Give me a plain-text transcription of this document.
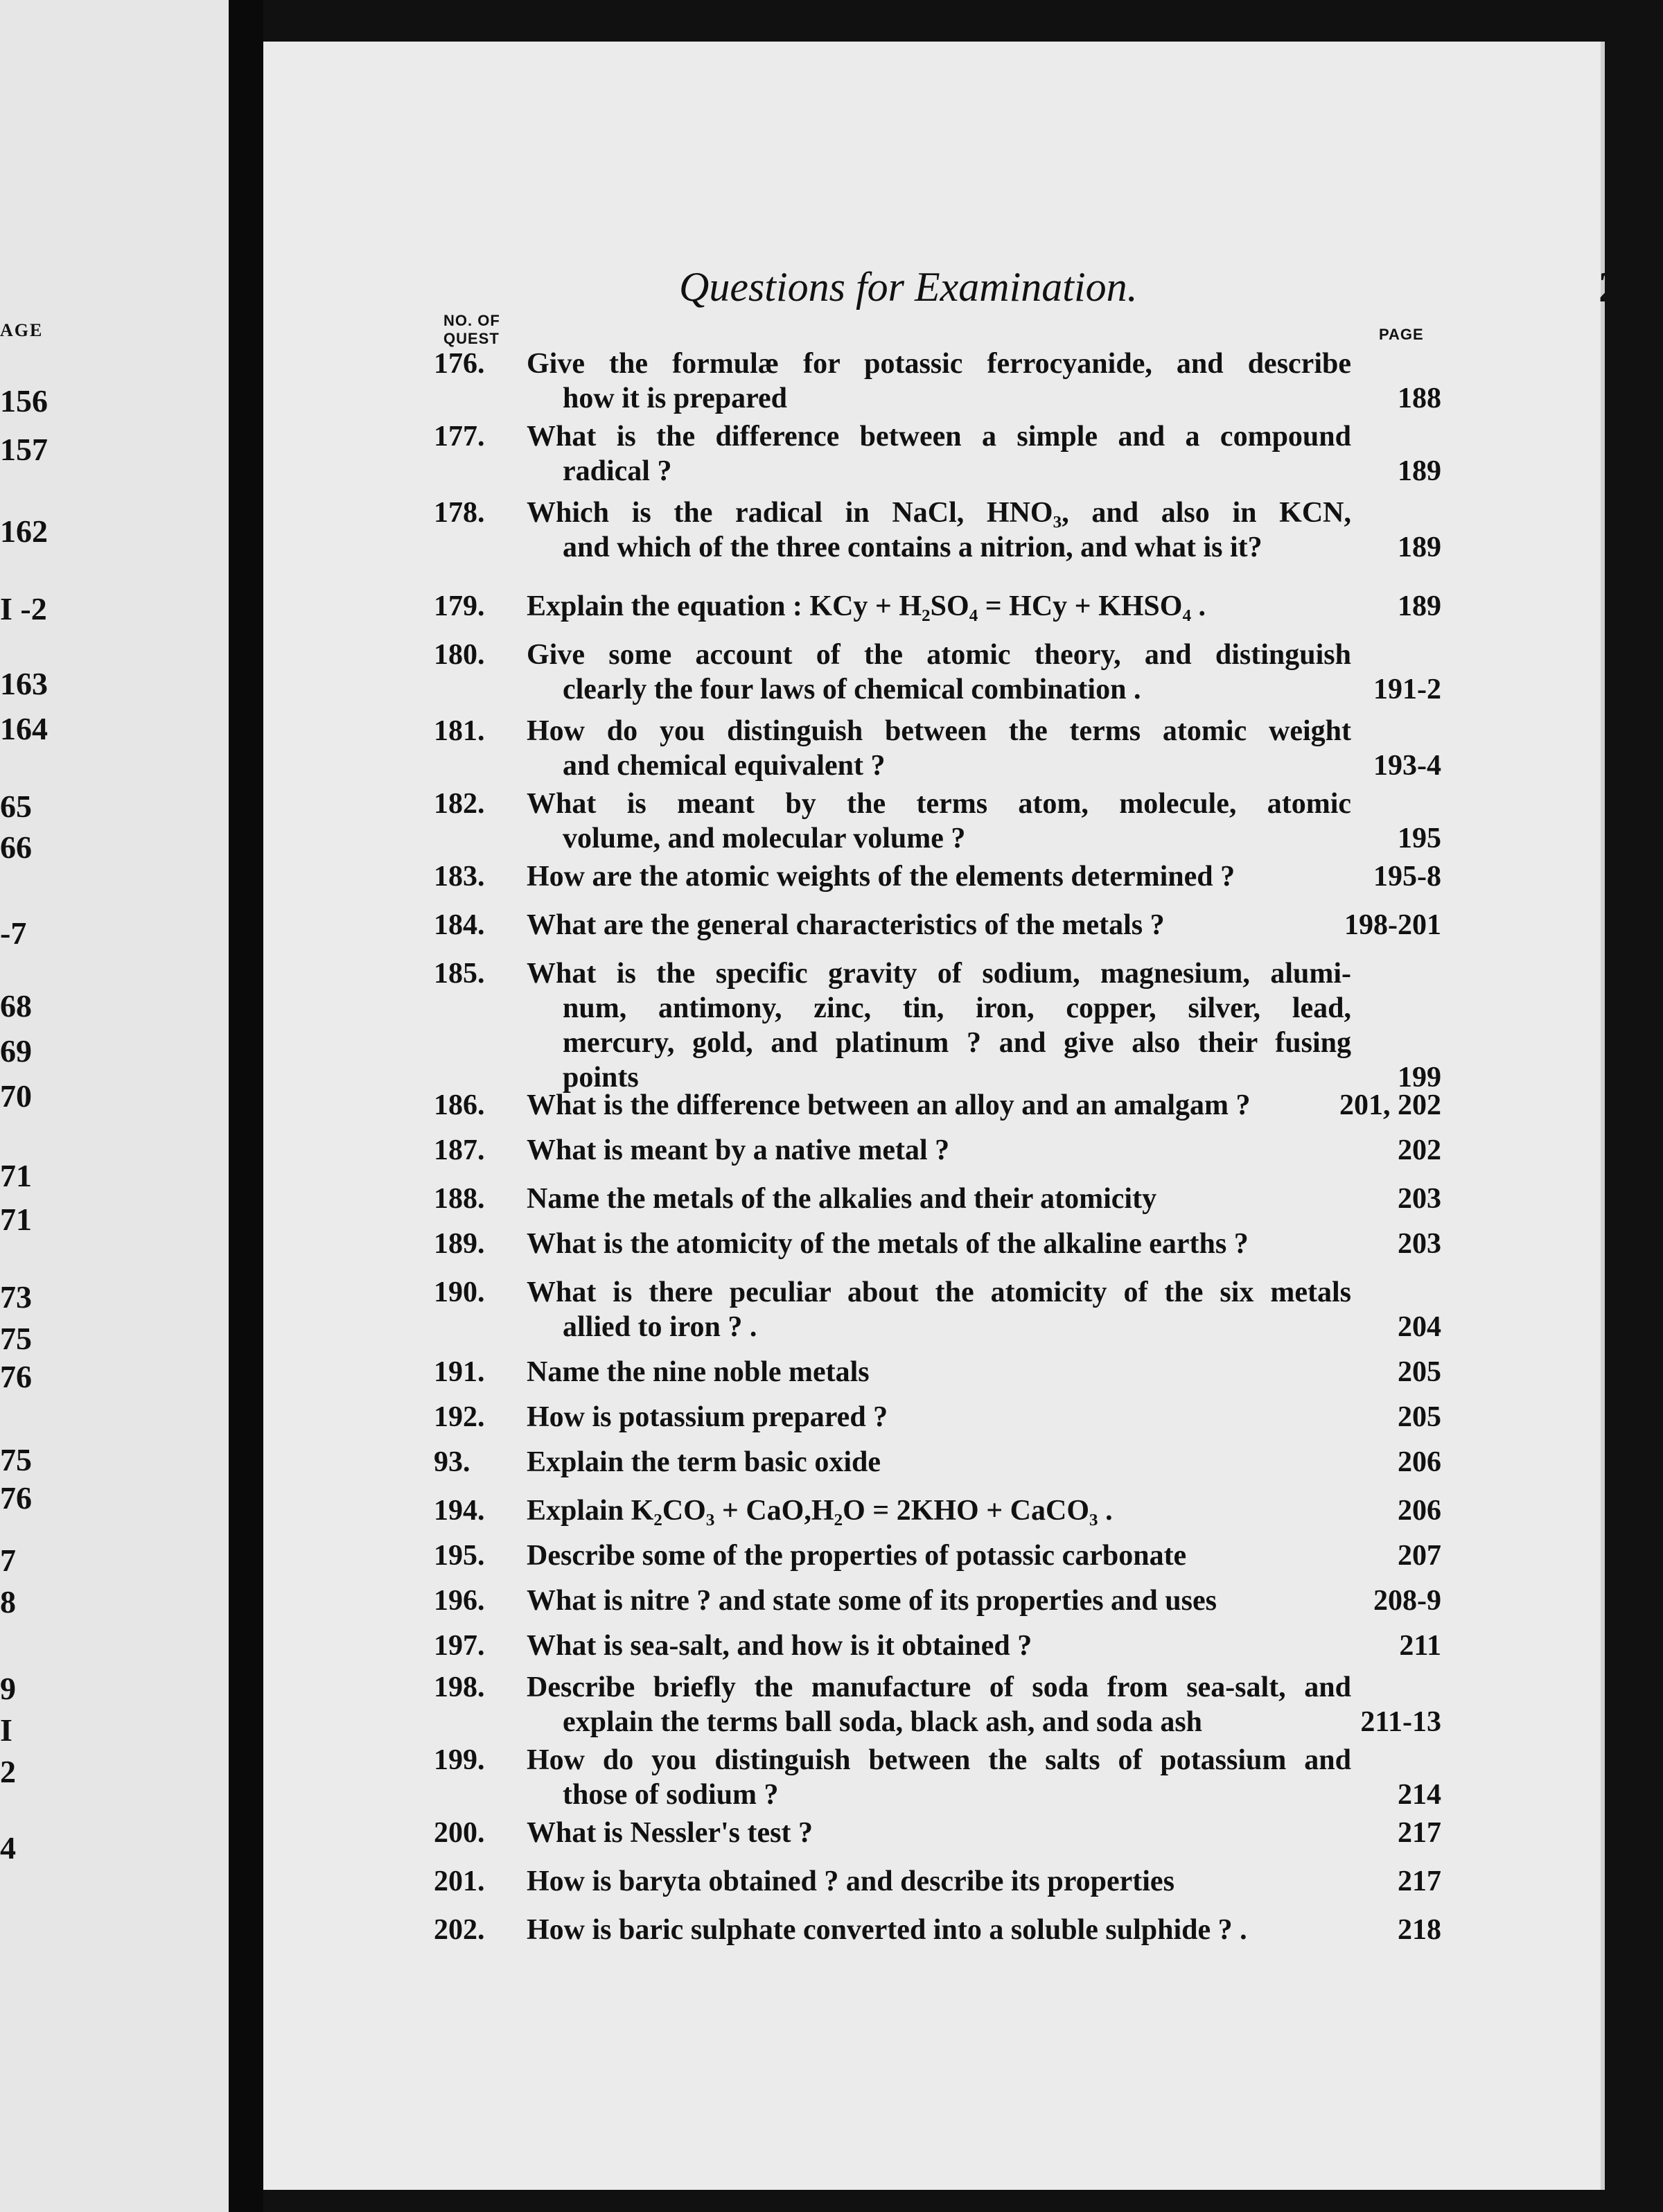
AGE
156
157
162
I -2
163
164
65
66
-7
68
69
70
71
71
73
75
76
75
76
7
8
9
I
2
4
Questions for Examination.	295
NO. OF QUEST	PAGE
176.	Give the formulæ for potassic ferrocyanide, and describe
how it is prepared	188
177.	What is the difference between a simple and a compound
radical ?	189
178.	Which is the radical in NaCl, HNO₃, and also in KCN,
and which of the three contains a nitrion, and what is it?	189
179.	Explain the equation : KCy + H₂SO₄ = HCy + KHSO₄ .	189
180.	Give some account of the atomic theory, and distinguish
clearly the four laws of chemical combination .	191-2
181.	How do you distinguish between the terms atomic weight
and chemical equivalent ?	193-4
182.	What is meant by the terms atom, molecule, atomic
volume, and molecular volume ?	195
183.	How are the atomic weights of the elements determined ?	195-8
184.	What are the general characteristics of the metals ?	198-201
185.	What is the specific gravity of sodium, magnesium, alumi-
num, antimony, zinc, tin, iron, copper, silver, lead,
mercury, gold, and platinum ? and give also their fusing
points	199
186.	What is the difference between an alloy and an amalgam ?	201, 202
187.	What is meant by a native metal ?	202
188.	Name the metals of the alkalies and their atomicity	203
189.	What is the atomicity of the metals of the alkaline earths ?	203
190.	What is there peculiar about the atomicity of the six metals
allied to iron ? .	204
191.	Name the nine noble metals	205
192.	How is potassium prepared ?	205
93.	Explain the term basic oxide	206
194.	Explain K₂CO₃ + CaO,H₂O = 2KHO + CaCO₃ .	206
195.	Describe some of the properties of potassic carbonate	207
196.	What is nitre ? and state some of its properties and uses	208-9
197.	What is sea-salt, and how is it obtained ?	211
198.	Describe briefly the manufacture of soda from sea-salt, and
explain the terms ball soda, black ash, and soda ash	211-13
199.	How do you distinguish between the salts of potassium and
those of sodium ?	214
200.	What is Nessler's test ?	217
201.	How is baryta obtained ? and describe its properties	217
202.	How is baric sulphate converted into a soluble sulphide ? .	218
